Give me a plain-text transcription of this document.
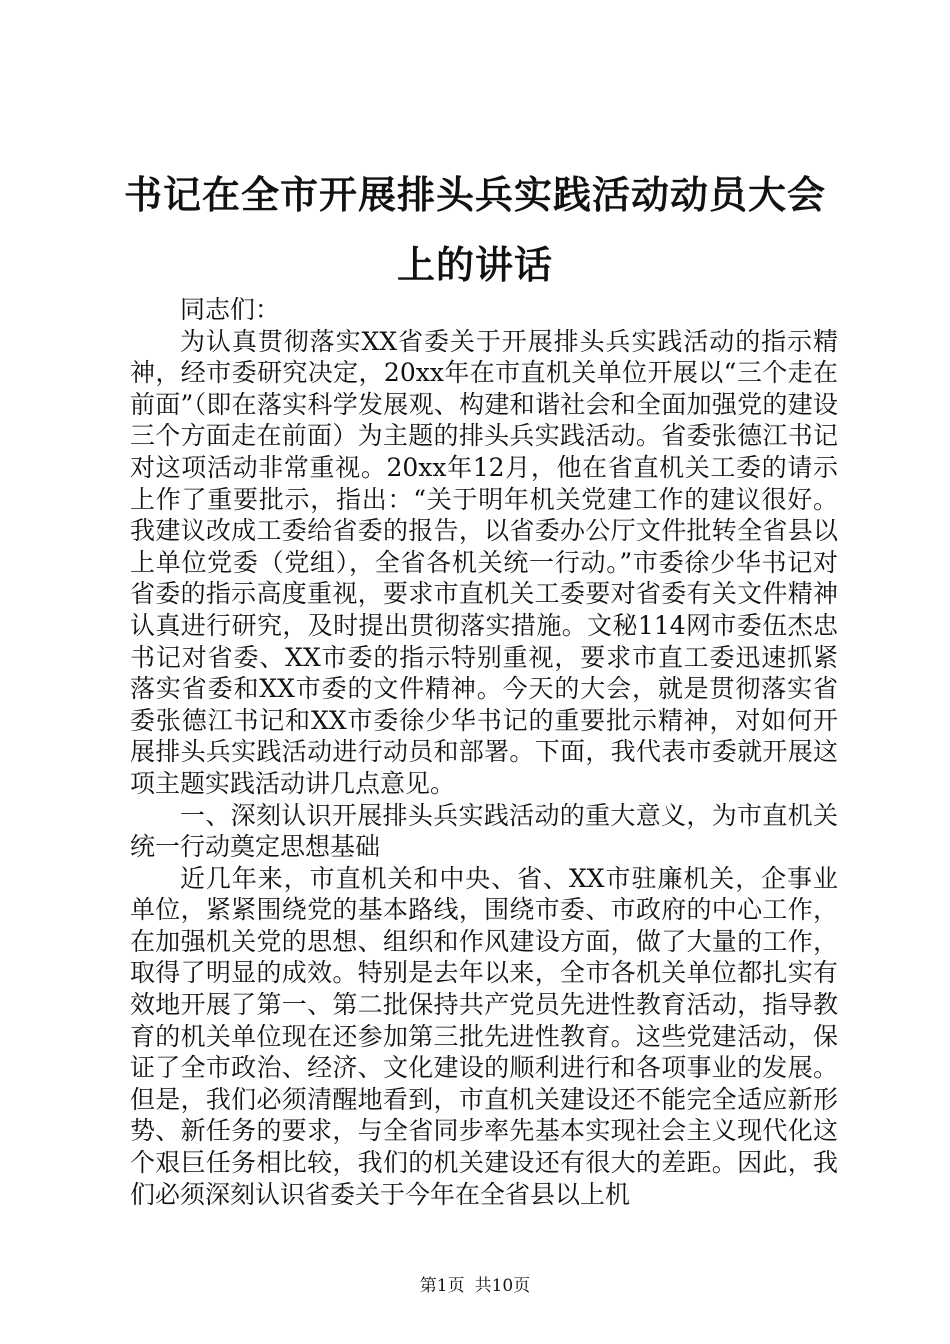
书记在全市开展排头兵实践活动动员大会上的讲话

同志们：

为认真贯彻落实XX省委关于开展排头兵实践活动的指示精神，经市委研究决定，20xx年在市直机关单位开展以“三个走在前面”（即在落实科学发展观、构建和谐社会和全面加强党的建设三个方面走在前面）为主题的排头兵实践活动。省委张德江书记对这项活动非常重视。20xx年12月，他在省直机关工委的请示上作了重要批示，指出：“关于明年机关党建工作的建议很好。我建议改成工委给省委的报告，以省委办公厅文件批转全省县以上单位党委（党组），全省各机关统一行动。”市委徐少华书记对省委的指示高度重视，要求市直机关工委要对省委有关文件精神认真进行研究，及时提出贯彻落实措施。文秘114网市委伍杰忠书记对省委、XX市委的指示特别重视，要求市直工委迅速抓紧落实省委和XX市委的文件精神。今天的大会，就是贯彻落实省委张德江书记和XX市委徐少华书记的重要批示精神，对如何开展排头兵实践活动进行动员和部署。下面，我代表市委就开展这项主题实践活动讲几点意见。

一、深刻认识开展排头兵实践活动的重大意义，为市直机关统一行动奠定思想基础

近几年来，市直机关和中央、省、XX市驻廉机关，企事业单位，紧紧围绕党的基本路线，围绕市委、市政府的中心工作，在加强机关党的思想、组织和作风建设方面，做了大量的工作，取得了明显的成效。特别是去年以来，全市各机关单位都扎实有效地开展了第一、第二批保持共产党员先进性教育活动，指导教育的机关单位现在还参加第三批先进性教育。这些党建活动，保证了全市政治、经济、文化建设的顺利进行和各项事业的发展。但是，我们必须清醒地看到，市直机关建设还不能完全适应新形势、新任务的要求，与全省同步率先基本实现社会主义现代化这个艰巨任务相比较，我们的机关建设还有很大的差距。因此，我们必须深刻认识省委关于今年在全省县以上机

第1页 共10页
